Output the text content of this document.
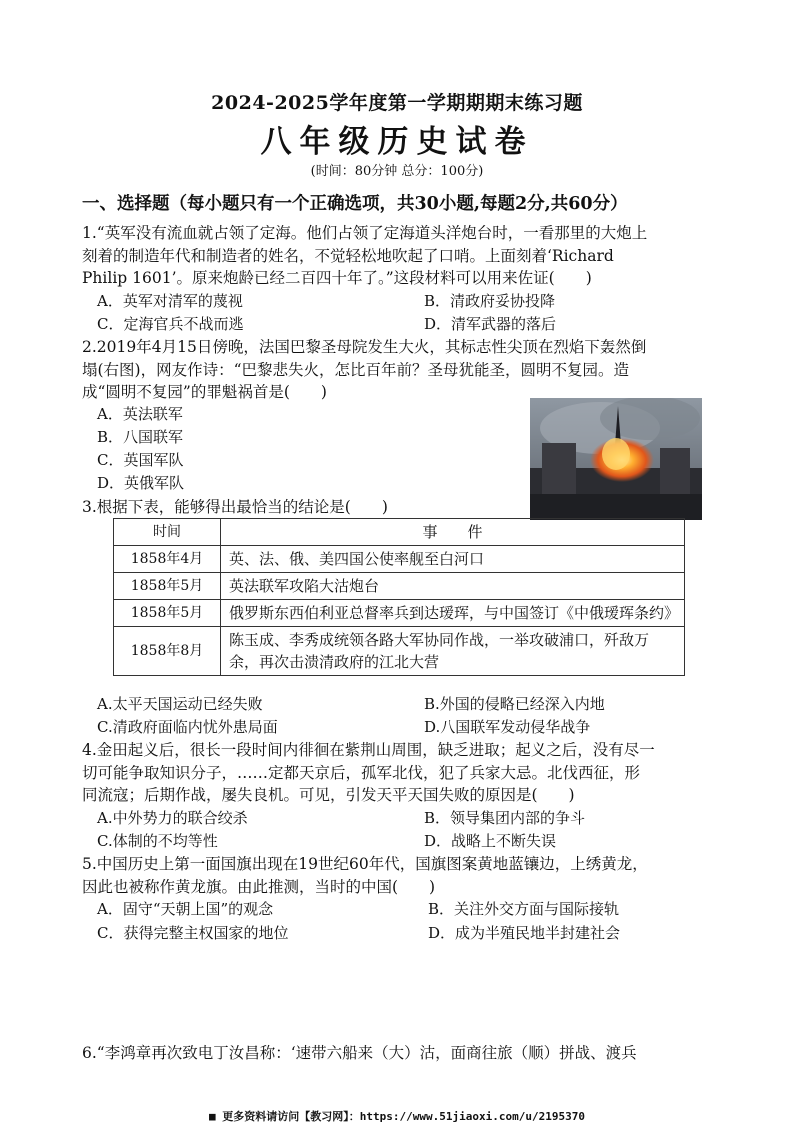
2024-2025学年度第一学期期期末练习题
八年级历史试卷
(时间：80分钟 总分：100分)
一、选择题（每小题只有一个正确选项，共30小题,每题2分,共60分）

1.“英军没有流血就占领了定海。他们占领了定海道头洋炮台时，一看那里的大炮上

刻着的制造年代和制造者的姓名，不觉轻松地吹起了口哨。上面刻着‘Richard

Philip 1601’。原来炮龄已经二百四十年了。”这段材料可以用来佐证(　　)

A．英军对清军的蔑视	B．清政府妥协投降
C．定海官兵不战而逃	D．清军武器的落后

2.2019年4月15日傍晚，法国巴黎圣母院发生大火，其标志性尖顶在烈焰下轰然倒

塌(右图)，网友作诗：“巴黎悲失火，怎比百年前？圣母犹能圣，圆明不复园。造

成“圆明不复园”的罪魁祸首是(　　)

A．英法联军
B．八国联军
C．英国军队
D．英俄军队

3.根据下表，能够得出最恰当的结论是(　　)

时间	事　　件
1858年4月	英、法、俄、美四国公使率舰至白河口
1858年5月	英法联军攻陷大沽炮台
1858年5月	俄罗斯东西伯利亚总督率兵到达瑷珲，与中国签订《中俄瑷珲条约》
1858年8月	陈玉成、李秀成统领各路大军协同作战，一举攻破浦口，歼敌万余，再次击溃清政府的江北大营
A.太平天国运动已经失败	B.外国的侵略已经深入内地
C.清政府面临内忧外患局面	D.八国联军发动侵华战争

4.金田起义后，很长一段时间内徘徊在紫荆山周围，缺乏进取；起义之后，没有尽一

切可能争取知识分子，……定都天京后，孤军北伐，犯了兵家大忌。北伐西征，形

同流寇；后期作战，屡失良机。可见，引发天平天国失败的原因是(　　)

A.中外势力的联合绞杀	B．领导集团内部的争斗
C.体制的不均等性	D．战略上不断失误

5.中国历史上第一面国旗出现在19世纪60年代，国旗图案黄地蓝镶边，上绣黄龙，

因此也被称作黄龙旗。由此推测，当时的中国(　　)

A．固守“天朝上国”的观念	B．关注外交方面与国际接轨
C．获得完整主权国家的地位	D．成为半殖民地半封建社会

6.“李鸿章再次致电丁汝昌称：‘速带六船来（大）沽，面商往旅（顺）拼战、渡兵

■ 更多资料请访问【教习网】：https://www.51jiaoxi.com/u/2195370
